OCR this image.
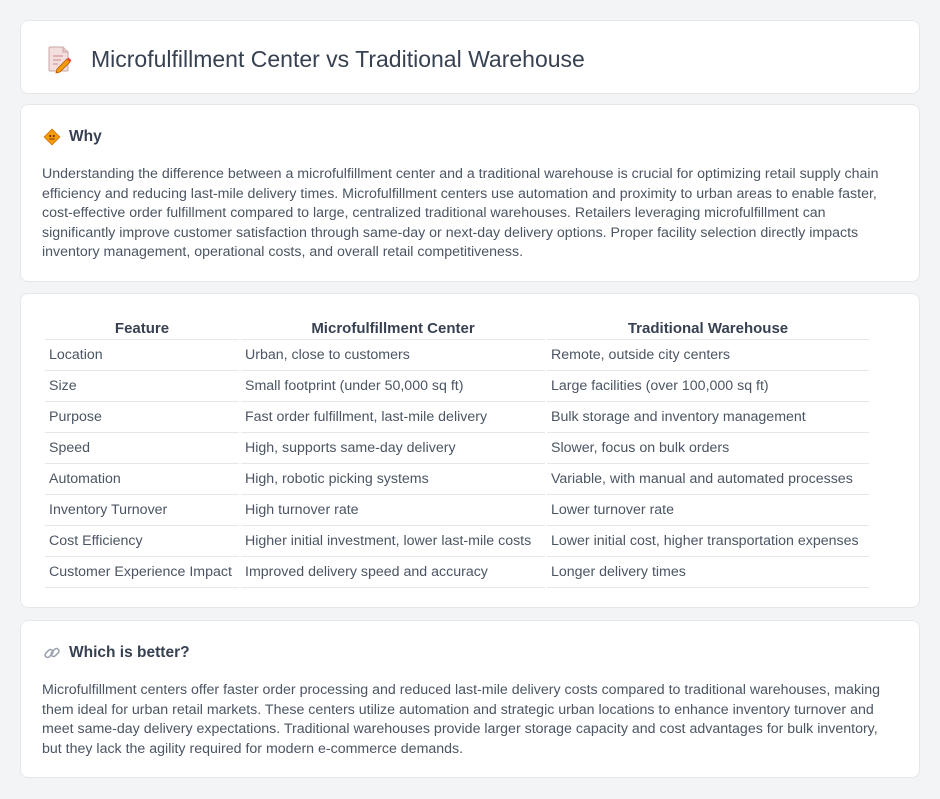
Microfulfillment Center vs Traditional Warehouse
Why

Understanding the difference between a microfulfillment center and a traditional warehouse is crucial for optimizing retail supply chain efficiency and reducing last-mile delivery times. Microfulfillment centers use automation and proximity to urban areas to enable faster, cost-effective order fulfillment compared to large, centralized traditional warehouses. Retailers leveraging microfulfillment can significantly improve customer satisfaction through same-day or next-day delivery options. Proper facility selection directly impacts inventory management, operational costs, and overall retail competitiveness.

Feature	Microfulfillment Center	Traditional Warehouse
Location	Urban, close to customers	Remote, outside city centers
Size	Small footprint (under 50,000 sq ft)	Large facilities (over 100,000 sq ft)
Purpose	Fast order fulfillment, last-mile delivery	Bulk storage and inventory management
Speed	High, supports same-day delivery	Slower, focus on bulk orders
Automation	High, robotic picking systems	Variable, with manual and automated processes
Inventory Turnover	High turnover rate	Lower turnover rate
Cost Efficiency	Higher initial investment, lower last-mile costs	Lower initial cost, higher transportation expenses
Customer Experience Impact	Improved delivery speed and accuracy	Longer delivery times
Which is better?

Microfulfillment centers offer faster order processing and reduced last-mile delivery costs compared to traditional warehouses, making them ideal for urban retail markets. These centers utilize automation and strategic urban locations to enhance inventory turnover and meet same-day delivery expectations. Traditional warehouses provide larger storage capacity and cost advantages for bulk inventory, but they lack the agility required for modern e-commerce demands.
